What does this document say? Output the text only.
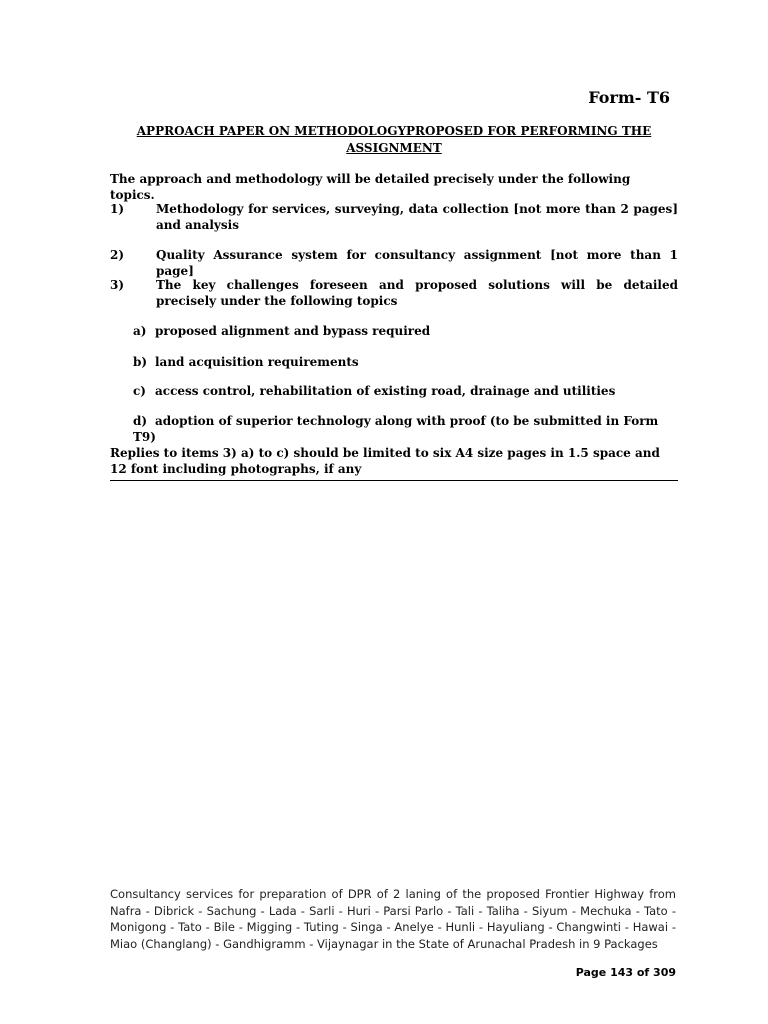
Form- T6
APPROACH PAPER ON METHODOLOGYPROPOSED FOR PERFORMING THE ASSIGNMENT
The approach and methodology will be detailed precisely under the following topics.
1)	Methodology for services, surveying, data collection [not more than 2 pages] and analysis
2)	Quality Assurance system for consultancy assignment [not more than 1 page]
3)	The key challenges foreseen and proposed solutions will be detailed precisely under the following topics
a) proposed alignment and bypass required
b) land acquisition requirements
c) access control, rehabilitation of existing road, drainage and utilities
d) adoption of superior technology along with proof (to be submitted in Form T9)
Replies to items 3) a) to c) should be limited to six A4 size pages in 1.5 space and 12 font including photographs, if any
Consultancy services for preparation of DPR of 2 laning of the proposed Frontier Highway from Nafra - Dibrick - Sachung - Lada - Sarli - Huri - Parsi Parlo - Tali - Taliha - Siyum - Mechuka - Tato - Monigong - Tato - Bile - Migging - Tuting - Singa - Anelye - Hunli - Hayuliang - Changwinti - Hawai - Miao (Changlang) - Gandhigramm - Vijaynagar in the State of Arunachal Pradesh in 9 Packages
Page 143 of 309
